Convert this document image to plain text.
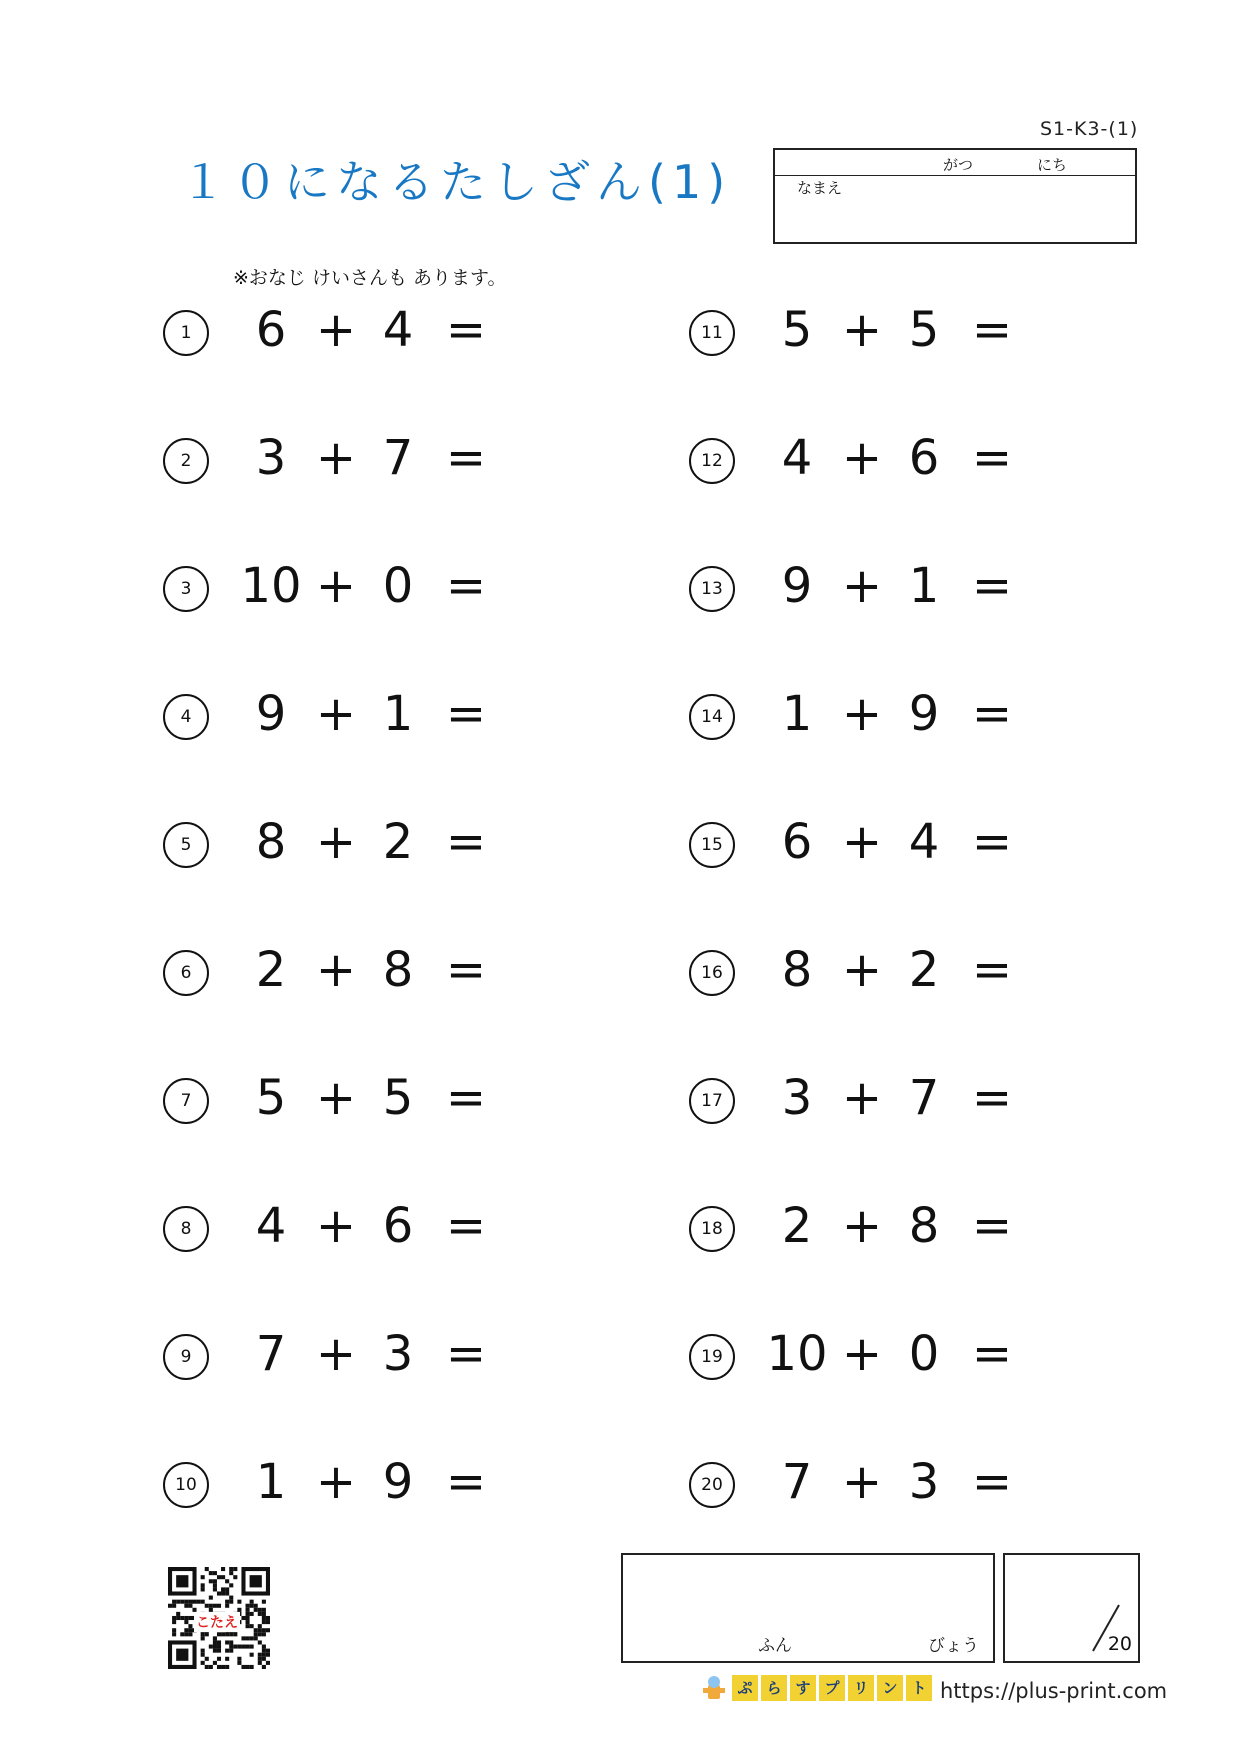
S1-K3-(1)
１０になるたしざん(1)	がつ	にち
なまえ
※おなじ けいさんも あります。
1	6 + 4 =
2	3 + 7 =
3	10 + 0 =
4	9 + 1 =
5	8 + 2 =
6	2 + 8 =
7	5 + 5 =
8	4 + 6 =
9	7 + 3 =
10	1 + 9 =
11	5 + 5 =
12	4 + 6 =
13	9 + 1 =
14	1 + 9 =
15	6 + 4 =
16	8 + 2 =
17	3 + 7 =
18	2 + 8 =
19 10 + 0 =
20	7 + 3 =
ふん	びょう	20
こたえ
ぷ ら す プ リ ン ト https://plus-print.com
